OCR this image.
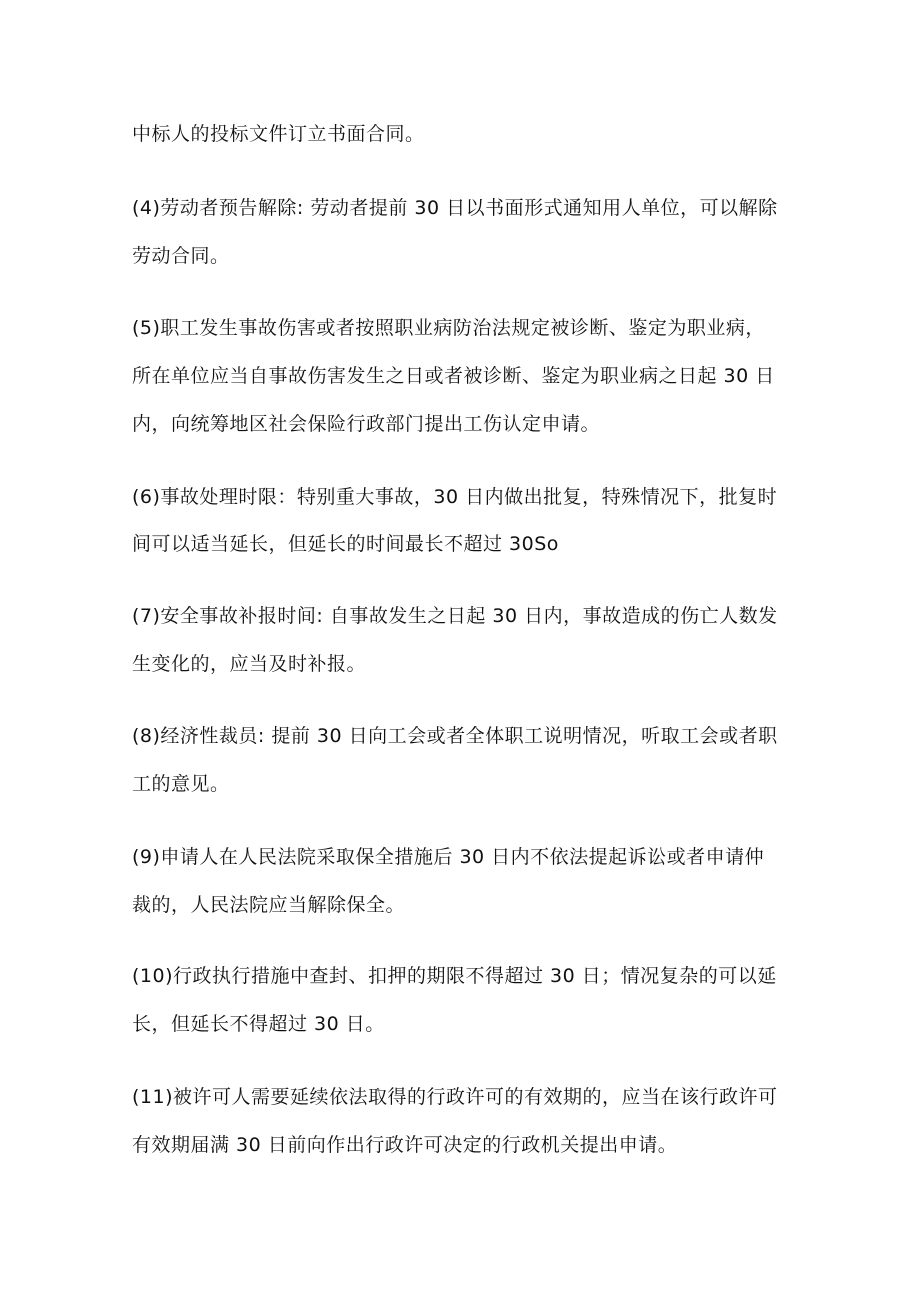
中标人的投标文件订立书面合同。
(4)劳动者预告解除: 劳动者提前 30 日以书面形式通知用人单位，可以解除
劳动合同。
(5)职工发生事故伤害或者按照职业病防治法规定被诊断、鉴定为职业病，
所在单位应当自事故伤害发生之日或者被诊断、鉴定为职业病之日起 30 日
内，向统筹地区社会保险行政部门提出工伤认定申请。
(6)事故处理时限：特别重大事故，30 日内做出批复，特殊情况下，批复时
间可以适当延长，但延长的时间最长不超过 30So
(7)安全事故补报时间: 自事故发生之日起 30 日内，事故造成的伤亡人数发
生变化的，应当及时补报。
(8)经济性裁员: 提前 30 日向工会或者全体职工说明情况，听取工会或者职
工的意见。
(9)申请人在人民法院采取保全措施后 30 日内不依法提起诉讼或者申请仲
裁的，人民法院应当解除保全。
(10)行政执行措施中查封、扣押的期限不得超过 30 日；情况复杂的可以延
长，但延长不得超过 30 日。
(11)被许可人需要延续依法取得的行政许可的有效期的，应当在该行政许可
有效期届满 30 日前向作出行政许可决定的行政机关提出申请。
